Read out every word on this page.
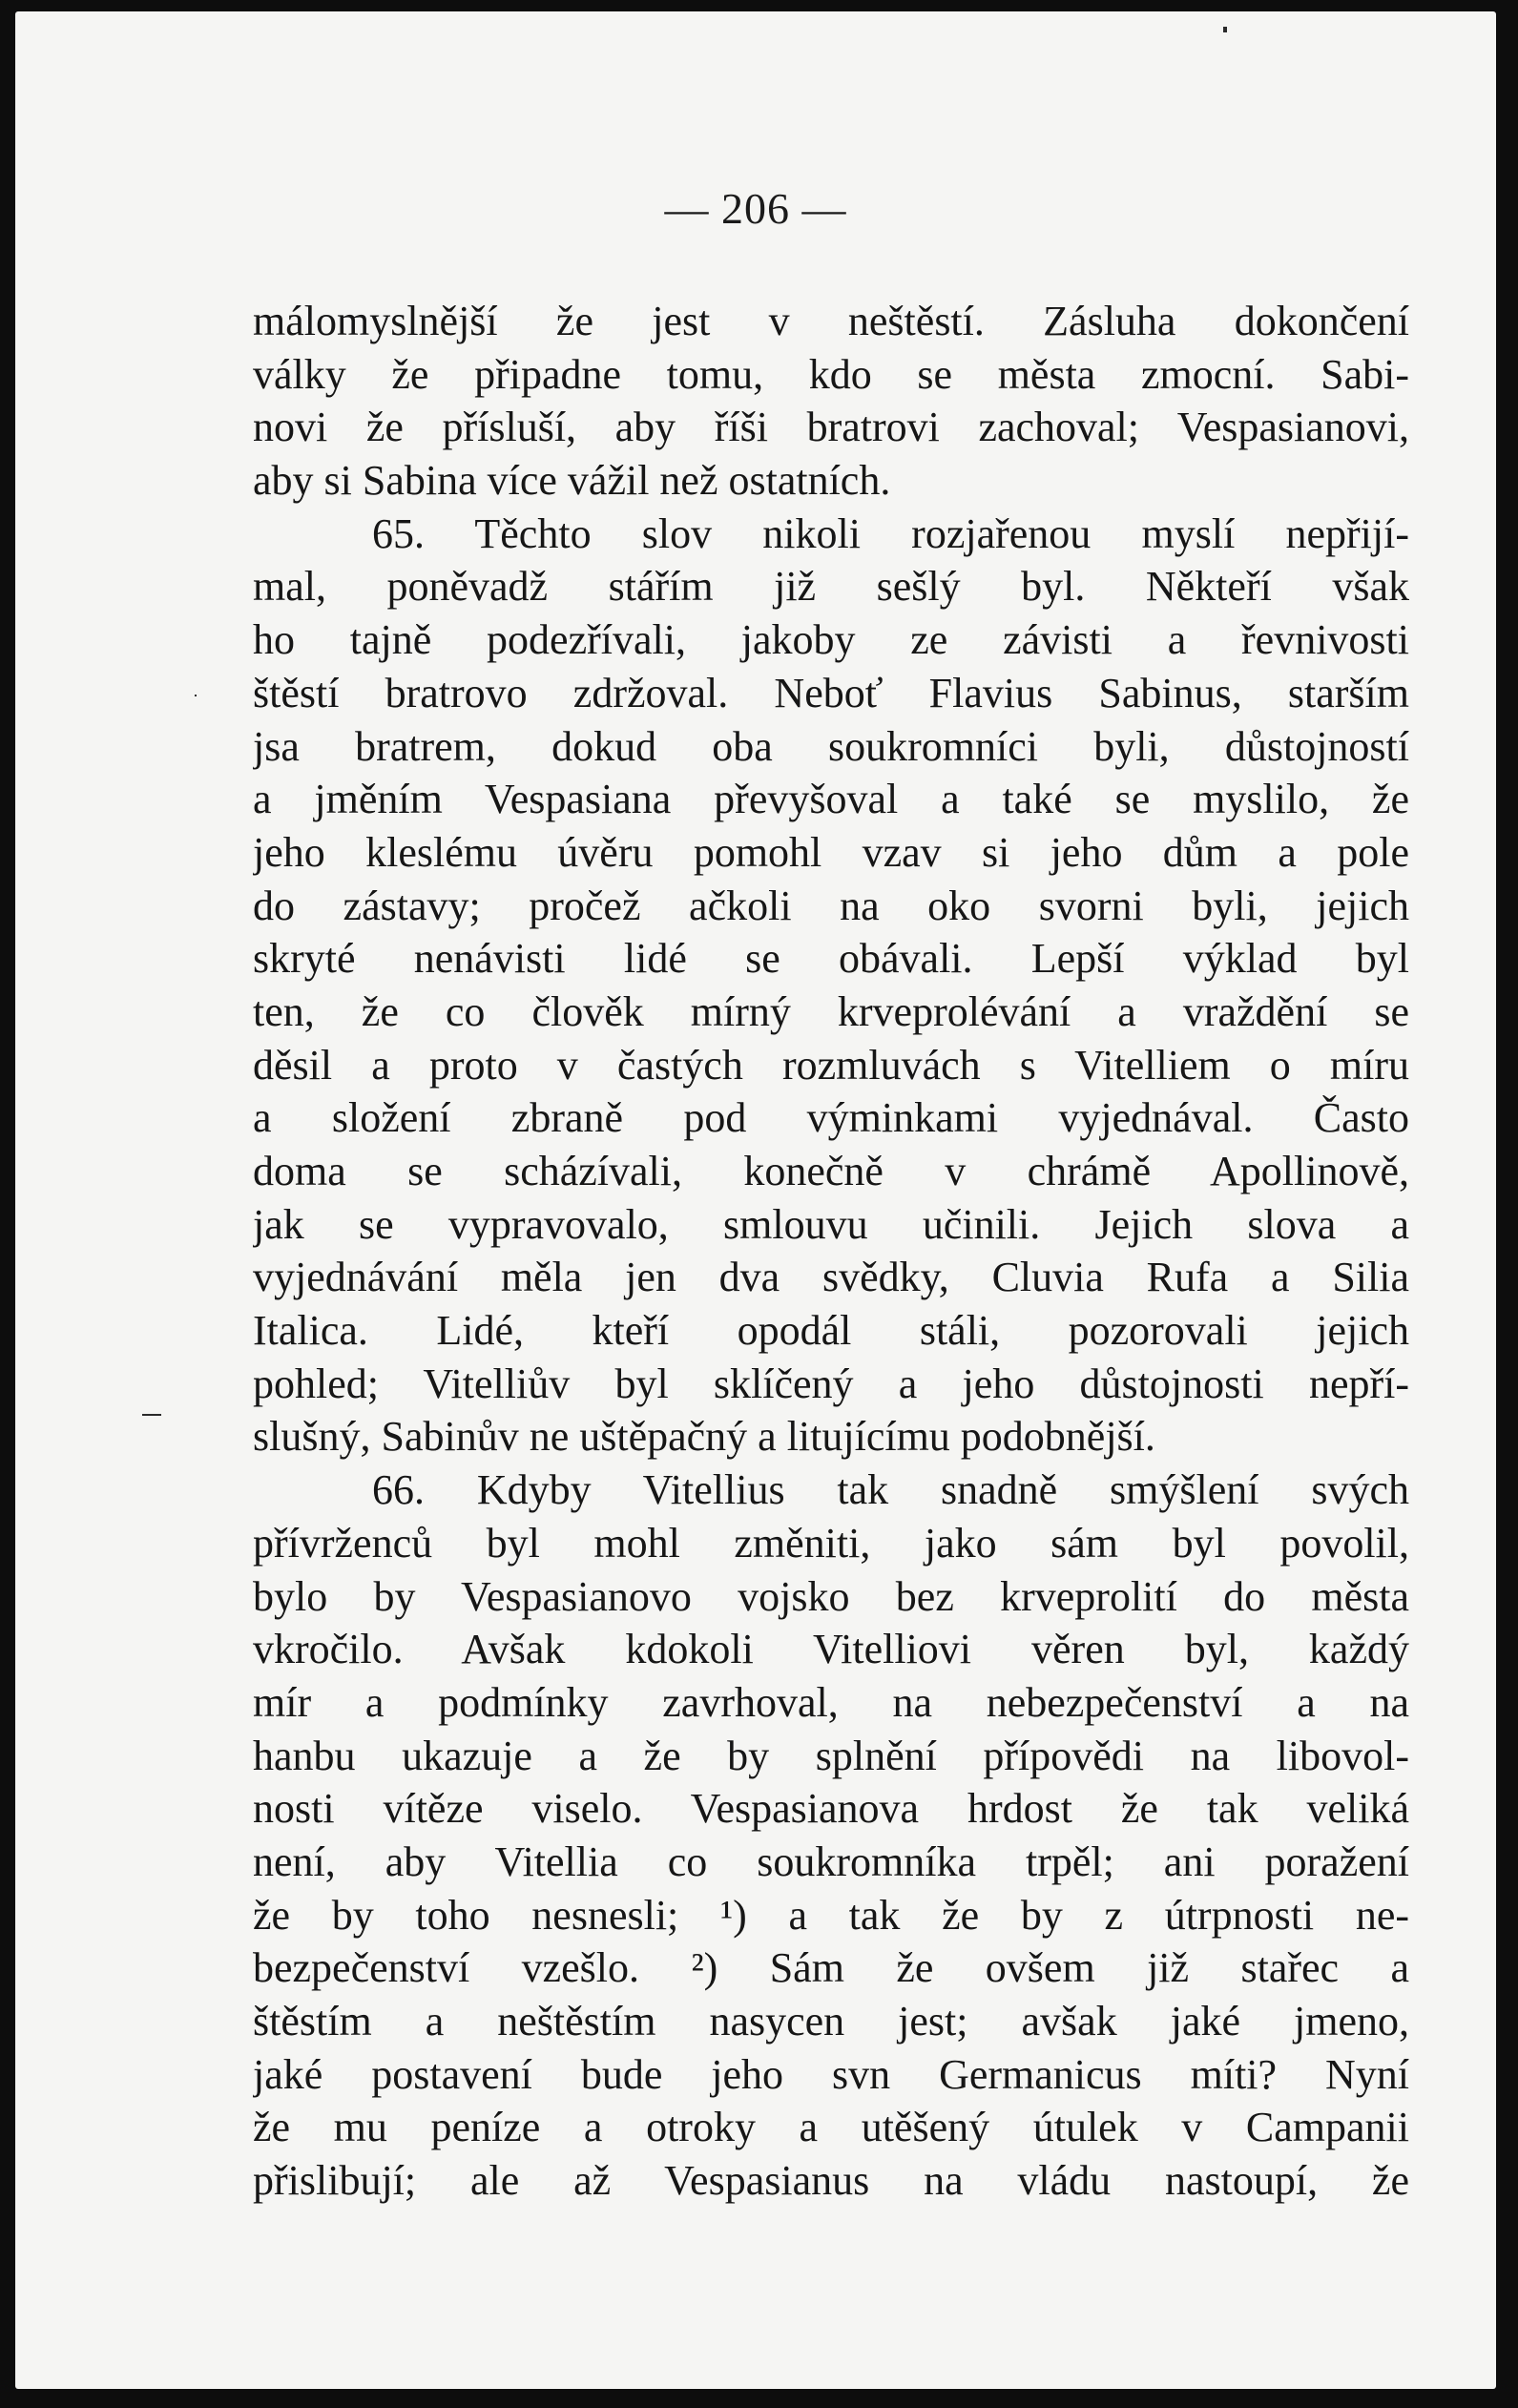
— 206 —
málomyslnější že jest v neštěstí. Zásluha dokončení
války že připadne tomu, kdo se města zmocní. Sabi-
novi že přísluší, aby říši bratrovi zachoval; Vespasianovi,
aby si Sabina více vážil než ostatních.
65. Těchto slov nikoli rozjařenou myslí nepřijí-
mal, poněvadž stářím již sešlý byl. Někteří však
ho tajně podezřívali, jakoby ze závisti a řevnivosti
štěstí bratrovo zdržoval. Neboť Flavius Sabinus, starším
jsa bratrem, dokud oba soukromníci byli, důstojností
a jměním Vespasiana převyšoval a také se myslilo, že
jeho kleslému úvěru pomohl vzav si jeho dům a pole
do zástavy; pročež ačkoli na oko svorni byli, jejich
skryté nenávisti lidé se obávali. Lepší výklad byl
ten, že co člověk mírný krveprolévání a vraždění se
děsil a proto v častých rozmluvách s Vitelliem o míru
a složení zbraně pod výminkami vyjednával. Často
doma se scházívali, konečně v chrámě Apollinově,
jak se vypravovalo, smlouvu učinili. Jejich slova a
vyjednávání měla jen dva svědky, Cluvia Rufa a Silia
Italica. Lidé, kteří opodál stáli, pozorovali jejich
pohled; Vitelliův byl sklíčený a jeho důstojnosti nepří-
slušný, Sabinův ne uštěpačný a litujícímu podobnější.
66. Kdyby Vitellius tak snadně smýšlení svých
přívrženců byl mohl změniti, jako sám byl povolil,
bylo by Vespasianovo vojsko bez krveprolití do města
vkročilo. Avšak kdokoli Vitelliovi věren byl, každý
mír a podmínky zavrhoval, na nebezpečenství a na
hanbu ukazuje a že by splnění přípovědi na libovol-
nosti vítěze viselo. Vespasianova hrdost že tak veliká
není, aby Vitellia co soukromníka trpěl; ani poražení
že by toho nesnesli; ¹) a tak že by z útrpnosti ne-
bezpečenství vzešlo. ²) Sám že ovšem již stařec a
štěstím a neštěstím nasycen jest; avšak jaké jmeno,
jaké postavení bude jeho svn Germanicus míti? Nyní
že mu peníze a otroky a utěšený útulek v Campanii
přislibují; ale až Vespasianus na vládu nastoupí, že
